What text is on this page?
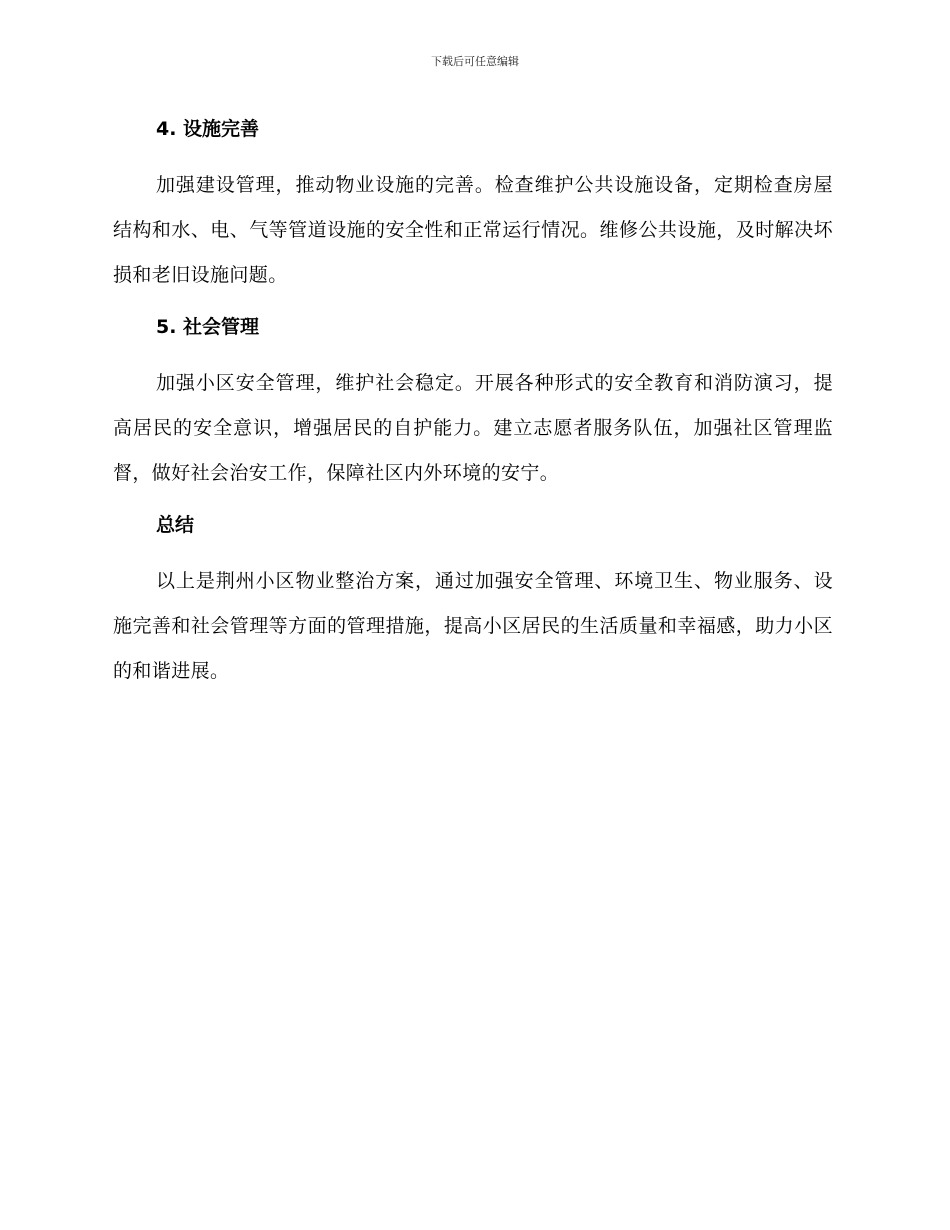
下载后可任意编辑
4. 设施完善

加强建设管理，推动物业设施的完善。检查维护公共设施设备，定期检查房屋结构和水、电、气等管道设施的安全性和正常运行情况。维修公共设施，及时解决坏损和老旧设施问题。

5. 社会管理

加强小区安全管理，维护社会稳定。开展各种形式的安全教育和消防演习，提高居民的安全意识，增强居民的自护能力。建立志愿者服务队伍，加强社区管理监督，做好社会治安工作，保障社区内外环境的安宁。

总结

以上是荆州小区物业整治方案，通过加强安全管理、环境卫生、物业服务、设施完善和社会管理等方面的管理措施，提高小区居民的生活质量和幸福感，助力小区的和谐进展。
